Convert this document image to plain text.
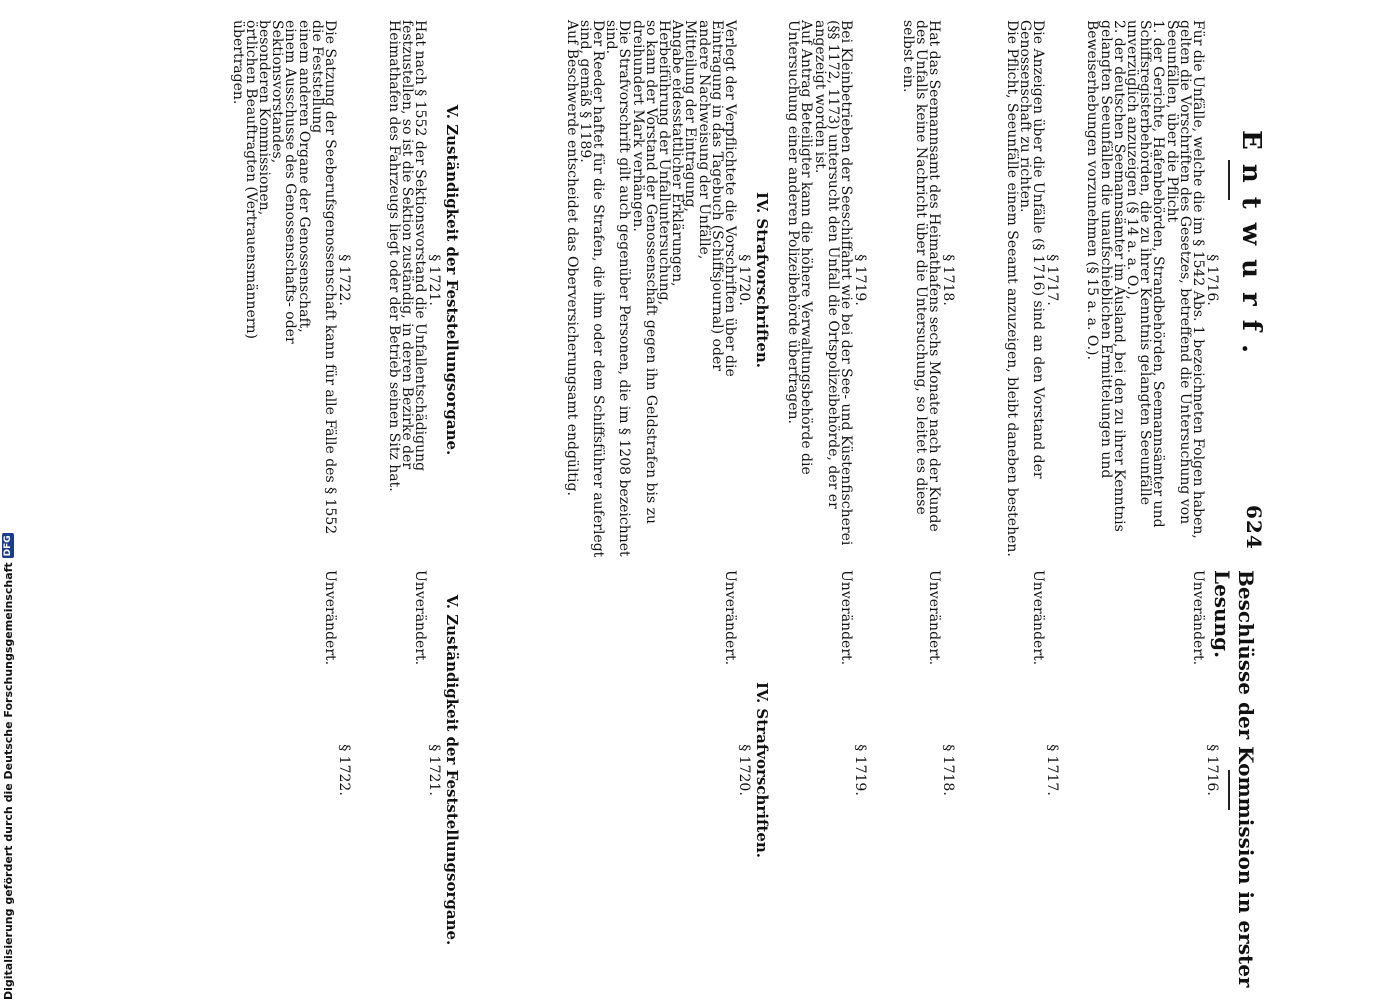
Entwurf.
624
Beschlüsse der Kommission in erster Lesung.
§ 1716.
Für die Unfälle, welche die im § 1542 Abs. 1 bezeichneten Folgen haben, gelten die Vorschriften des Gesetzes, betreffend die Untersuchung von Seeunfällen, über die Pflicht
1. der Gerichte, Hafenbehörden, Strandbehörden, Seemannsämter und Schiffsregisterbehörden, die zu ihrer Kenntnis gelangten Seeunfälle unverzüglich anzuzeigen (§ 14 a. a. O.),
2. der deutschen Seemannsämter im Ausland, bei den zu ihrer Kenntnis gelangten Seeunfällen die unaufschieblichen Ermittelungen und Beweiserhebungen vorzunehmen (§ 15 a. a. O.).
§ 1717.
Die Anzeigen über die Unfälle (§ 1716) sind an den Vorstand der Genossenschaft zu richten.
Die Pflicht, Seeunfälle einem Seeamt anzuzeigen, bleibt daneben bestehen.
§ 1718.
Hat das Seemannsamt des Heimathafens sechs Monate nach der Kunde des Unfalls keine Nachricht über die Untersuchung, so leitet es diese selbst ein.
§ 1719.
Bei Kleinbetrieben der Seeschiffahrt wie bei der See- und Küstenfischerei (§§ 1172, 1173) untersucht den Unfall die Ortspolizeibehörde, der er angezeigt worden ist.
Auf Antrag Beteiligter kann die höhere Verwaltungsbehörde die Untersuchung einer anderen Polizeibehörde übertragen.
IV. Strafvorschriften.
§ 1720.
Verlegt der Verpflichtete die Vorschriften über die
Eintragung in das Tagebuch (Schiffsjournal) oder
andere Nachweisung der Unfälle,
Mitteilung der Eintragung,
Angabe eidesstattlicher Erklärungen,
Herbeiführung der Unfalluntersuchung,
so kann der Vorstand der Genossenschaft gegen ihn Geldstrafen bis zu dreihundert Mark verhängen.
Die Strafvorschrift gilt auch gegenüber Personen, die im § 1208 bezeichnet sind.
Der Reeder haftet für die Strafen, die ihm oder dem Schiffsführer auferlegt sind, gemäß § 1189.
Auf Beschwerde entscheidet das Oberversicherungsamt endgültig.
V. Zuständigkeit der Feststellungsorgane.
§ 1721.
Hat nach § 1552 der Sektionsvorstand die Unfallentschädigung festzustellen, so ist die Sektion zuständig, in deren Bezirke der Heimathafen des Fahrzeugs liegt oder der Betrieb seinen Sitz hat.
§ 1722.
Die Satzung der Seeberufsgenossenschaft kann für alle Fälle des § 1552 die Feststellung
einem anderen Organe der Genossenschaft,
einem Ausschusse des Genossenschafts- oder
Sektionsvorstandes,
besonderen Kommissionen,
örtlichen Beauftragten (Vertrauensmännern)
übertragen.
§ 1716.
Unverändert.
§ 1717.
Unverändert.
§ 1718.
Unverändert.
§ 1719.
Unverändert.
IV. Strafvorschriften.
§ 1720.
Unverändert.
V. Zuständigkeit der Feststellungsorgane.
§ 1721.
Unverändert.
§ 1722.
Unverändert.
Digitalisierung gefördert durch die Deutsche Forschungsgemeinschaft
DFG
